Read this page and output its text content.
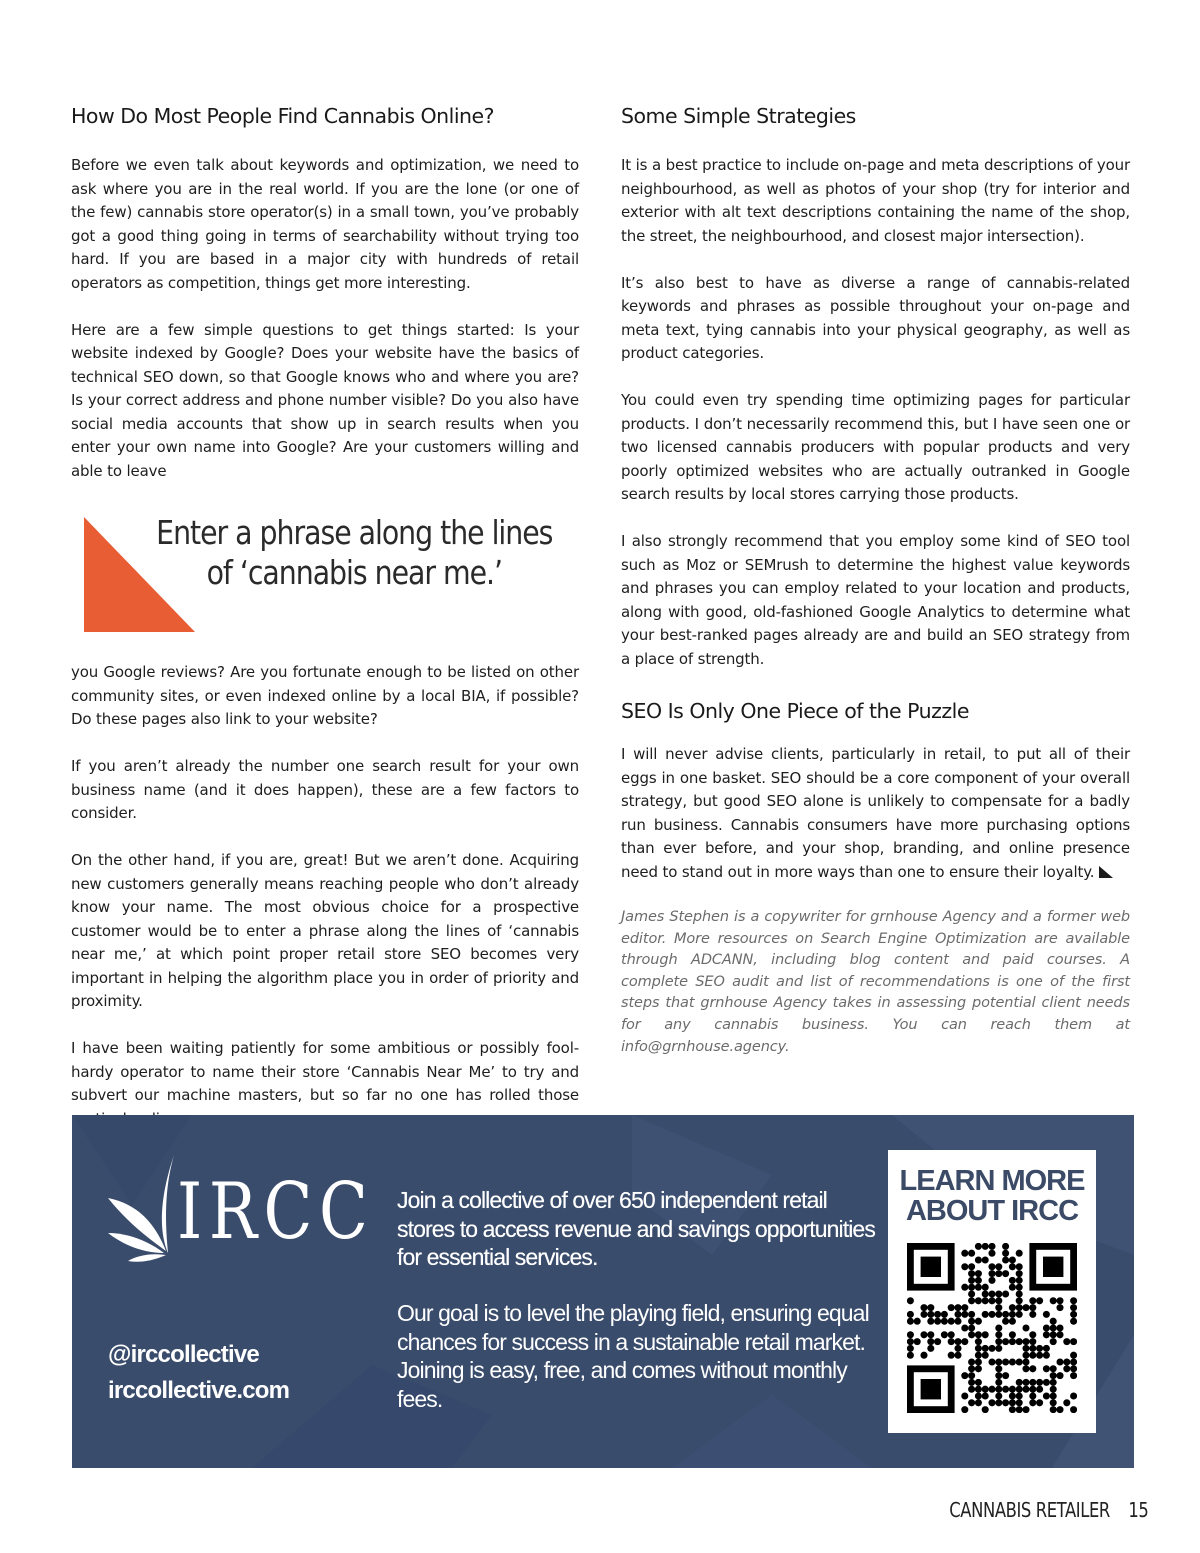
How Do Most People Find Cannabis Online?

Before we even talk about keywords and optimization, we need to ask where you are in the real world. If you are the lone (or one of the few) cannabis store operator(s) in a small town, you’ve probably got a good thing going in terms of searchability without trying too hard. If you are based in a major city with hundreds of retail operators as competition, things get more interesting.

Here are a few simple questions to get things started: Is your website indexed by Google? Does your website have the basics of technical SEO down, so that Google knows who and where you are? Is your correct address and phone number visible? Do you also have social media accounts that show up in search results when you enter your own name into Google? Are your customers willing and able to leave

Enter a phrase along the lines
of ‘cannabis near me.’

you Google reviews? Are you fortunate enough to be listed on other community sites, or even indexed online by a local BIA, if possible? Do these pages also link to your website?

If you aren’t already the number one search result for your own business name (and it does happen), these are a few factors to consider.

On the other hand, if you are, great! But we aren’t done. Acquiring new customers generally means reaching people who don’t already know your name. The most obvious choice for a prospective customer would be to enter a phrase along the lines of ‘cannabis near me,’ at which point proper retail store SEO becomes very important in helping the algorithm place you in order of priority and proximity.

I have been waiting patiently for some ambitious or possibly fool-hardy operator to name their store ‘Cannabis Near Me’ to try and subvert our machine masters, but so far no one has rolled those

Some Simple Strategies

It is a best practice to include on-page and meta descriptions of your neighbourhood, as well as photos of your shop (try for interior and exterior with alt text descriptions containing the name of the shop, the street, the neighbourhood, and closest major intersection).

It’s also best to have as diverse a range of cannabis-related keywords and phrases as possible throughout your on-page and meta text, tying cannabis into your physical geography, as well as product categories.

You could even try spending time optimizing pages for particular products. I don’t necessarily recommend this, but I have seen one or two licensed cannabis producers with popular products and very poorly optimized websites who are actually outranked in Google search results by local stores carrying those products.

I also strongly recommend that you employ some kind of SEO tool such as Moz or SEMrush to determine the highest value keywords and phrases you can employ related to your location and products, along with good, old-fashioned Google Analytics to determine what your best-ranked pages already are and build an SEO strategy from a place of strength.

SEO Is Only One Piece of the Puzzle

I will never advise clients, particularly in retail, to put all of their eggs in one basket. SEO should be a core component of your overall strategy, but good SEO alone is unlikely to compensate for a badly run business. Cannabis consumers have more purchasing options than ever before, and your shop, branding, and online presence need to stand out in more ways than one to ensure their loyalty.

James Stephen is a copywriter for grnhouse Agency and a former web editor. More resources on Search Engine Optimization are available through ADCANN, including blog content and paid courses. A complete SEO audit and list of recommendations is one of the first steps that grnhouse Agency takes in assessing potential client needs for any cannabis business. You can reach them at info@grnhouse.agency.
IRCC
@irccollective
irccollective.com
Join a collective of over 650 independent retail stores to access revenue and savings opportunities for essential services.
Our goal is to level the playing field, ensuring equal chances for success in a sustainable retail market. Joining is easy, free, and comes without monthly fees.
LEARN MORE
ABOUT IRCC
CANNABIS RETAILER 15
